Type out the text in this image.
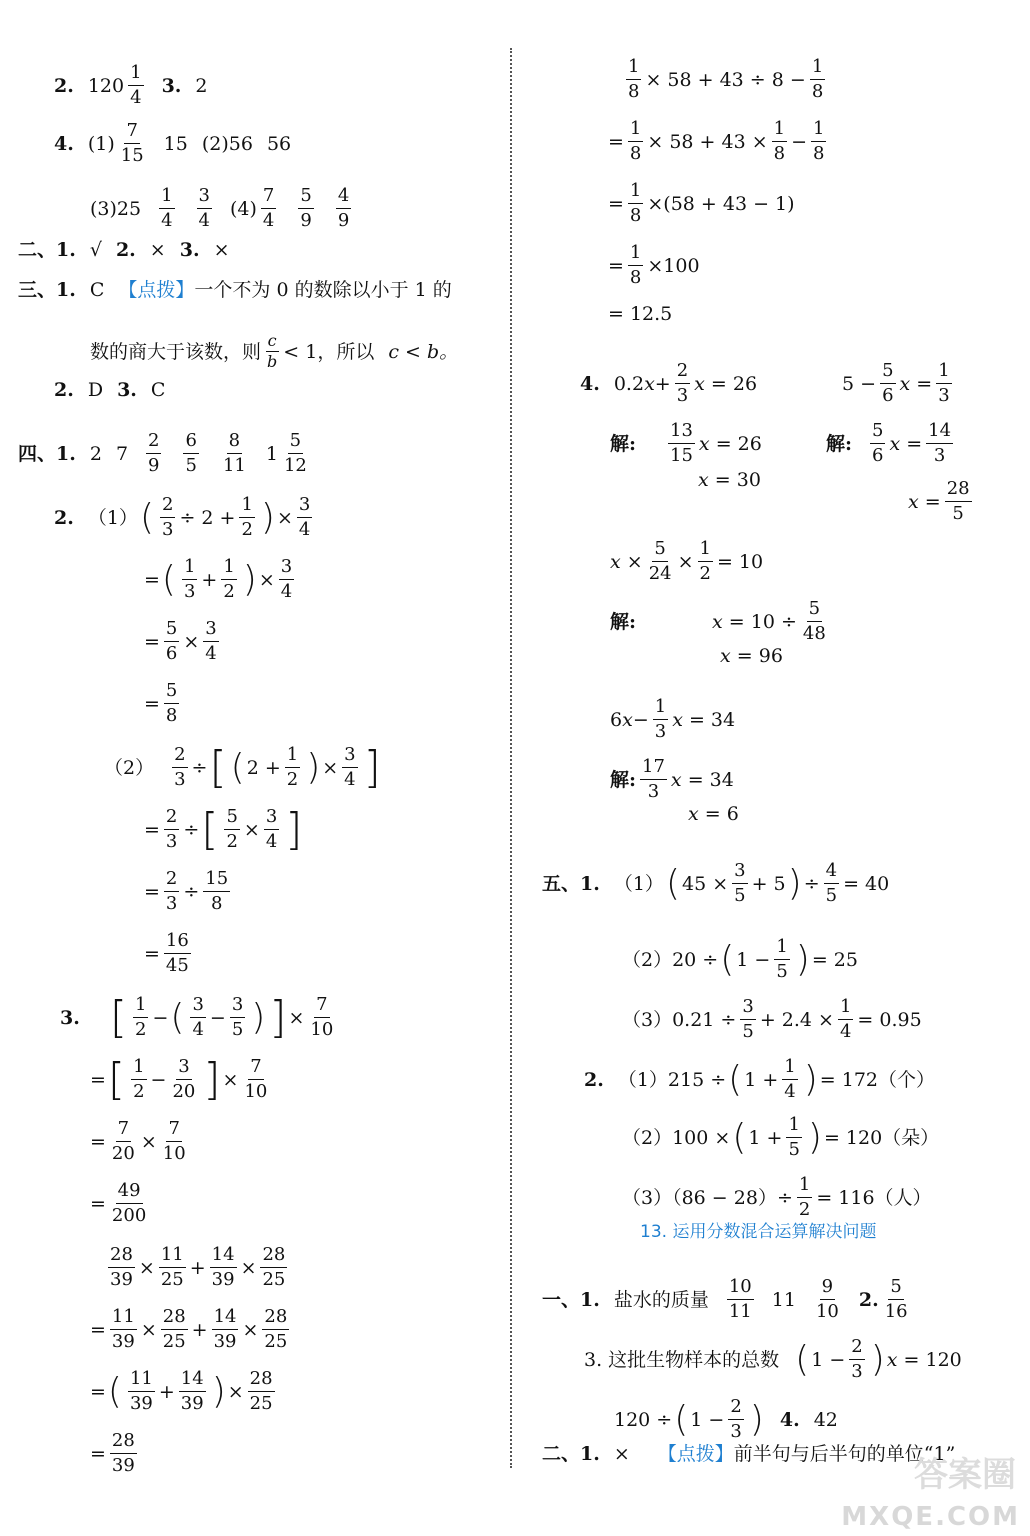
2. $120 \frac{1}{4} 3$. 2
4. $(1) \frac{7}{15} 15$ (2)56 56
$(3)25 \frac{1}{4} \frac{3}{4} (4) \frac{7}{4} \frac{5}{9} \frac{4}{9}$
二、1. √ 2. × 3. ×
三、1. C 【点拨】 一个不为 0 的数除以小于 1 的
数的商大于该数，则 $\frac{c}{b} < 1$，所以 c < b。
2. D 3. C
四、1. 2 $7 \frac{2}{9} \frac{6}{5} \frac{8}{11} 1 \frac{5}{12}$
2. （1） ( $\frac{2}{3} \div 2 + \frac{1}{2}$ ) × $\frac{3}{4}$
= ( $\frac{1}{3} + \frac{1}{2}$ ) × $\frac{3}{4}$
= $\frac{5}{6} \times \frac{3}{4}$
= $\frac{5}{8}$
$(2) \frac{2}{3}$ ÷ [ ( $2 + \frac{1}{2}$ ) × $\frac{3}{4}$ ]
= $\frac{2}{3}$ ÷ [ $\frac{5}{2} \times \frac{3}{4}$ ]
= $\frac{2}{3} \div \frac{15}{8}$
= $\frac{16}{45}$
3. [ $\frac{1}{2}$ − ( $\frac{3}{4} - \frac{3}{5}$ ) ] × $\frac{7}{10}$
= [ $\frac{1}{2} - \frac{3}{20}$ ] × $\frac{7}{10}$
= $\frac{7}{20} \times \frac{7}{10}$
= $\frac{49}{200}$
$\frac{28}{39} \times \frac{11}{25} + \frac{14}{39} \times \frac{28}{25}$
= $\frac{11}{39} \times \frac{28}{25} + \frac{14}{39} \times \frac{28}{25}$
= ( $\frac{11}{39} + \frac{14}{39}$ ) × $\frac{28}{25}$
= $\frac{28}{39}$
$\frac{1}{8} \times 58 + 43 \div 8 - \frac{1}{8}$
= $\frac{1}{8} \times 58 + 43 \times \frac{1}{8} - \frac{1}{8}$
= $\frac{1}{8} \times(58 + 43 - 1)$
= $\frac{1}{8} \times 100$
= 12.5
4. 0.2 $x + \frac{2}{3}$ x
= 26	$5 - \frac{5}{6}$ x
= $\frac{1}{3}$
解: $\frac{13}{15}$ x
= 26	解: $\frac{5}{6}$ x
= $\frac{14}{3}$
x
= 30
x
= $\frac{28}{5}$
x
× $\frac{5}{24} \times \frac{1}{2} = 10$
解:	x
= $10 \div \frac{5}{48}$
x
= 96
6 $x - \frac{1}{3}$ x
= 34
解: $\frac{17}{3}$ x
= 34
x
= 6
五、1. （1） ( $45 \times \frac{3}{5} + 5$ ) ÷ $\frac{4}{5} = 40$
（2）20 ÷ ( $1 - \frac{1}{5}$ ) = 25
$(3)0.21 \div \frac{3}{5} + 2.4 \times \frac{1}{4} = 0.95$
2. （1）215 ÷ ( $1 + \frac{1}{4}$ ) = 172（个）
（2）100 × ( $1 + \frac{1}{5}$ ) = 120（朵）
$(3)(86 - 28)\div \frac{1}{2} = 116$（人）
13. 运用分数混合运算解决问题
一、1. 盐水的质量 $\frac{10}{11} 11 \frac{9}{10} 2$. $\frac{5}{16}$
3. 这批生物样本的总数 ( $1 - \frac{2}{3}$ ) x
= 120
120 ÷ ( $1 - \frac{2}{3}$ ) 4. 42
二、1. × 【点拨】 前半句与后半句的单位“1”
答案圈
MXQE.COM
